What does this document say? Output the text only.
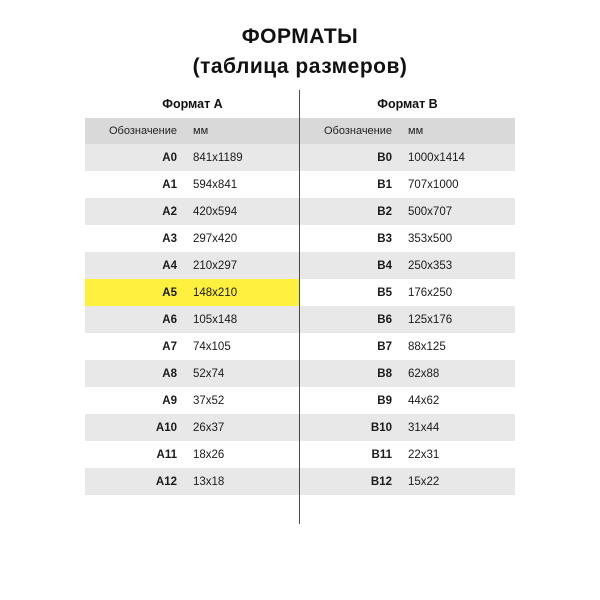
ФОРМАТЫ
(таблица размеров)
Формат А		Формат B	
Обозначение	мм	Обозначение	мм
A0	841x1189	B0	1000x1414
A1	594x841	B1	707x1000
A2	420x594	B2	500x707
A3	297x420	B3	353x500
A4	210x297	B4	250x353
A5	148x210	B5	176x250
A6	105x148	B6	125x176
A7	74x105	B7	88x125
A8	52x74	B8	62x88
A9	37x52	B9	44x62
A10	26x37	B10	31x44
A11	18x26	B11	22x31
A12	13x18	B12	15x22
